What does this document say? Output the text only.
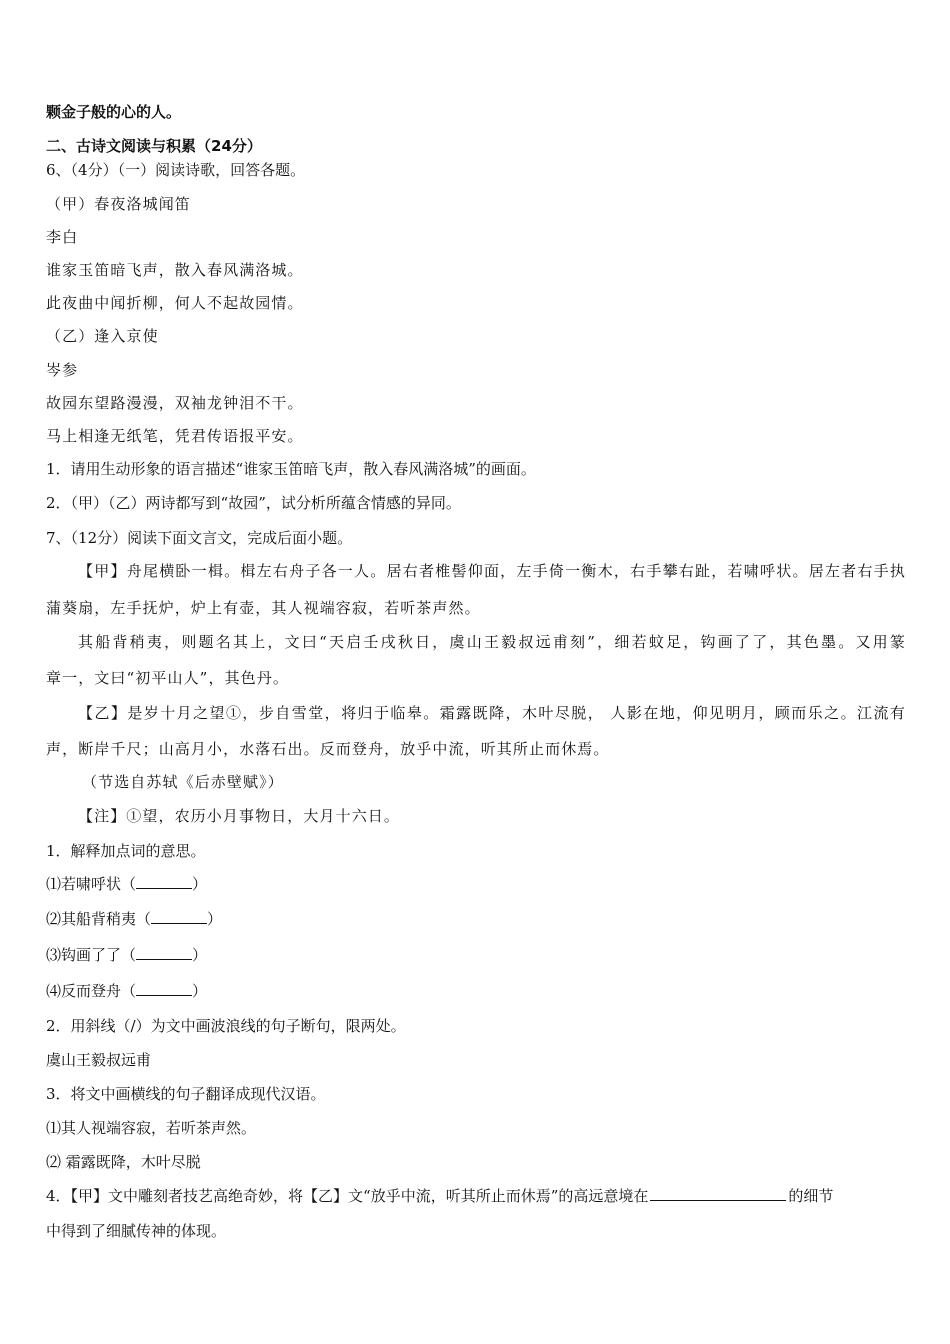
颗金子般的心的人。
二、古诗文阅读与积累（24分）
6、（4分）（一）阅读诗歌，回答各题。
（甲）春夜洛城闻笛
李白
谁家玉笛暗飞声，散入春风满洛城。
此夜曲中闻折柳，何人不起故园情。
（乙）逢入京使
岑参
故园东望路漫漫，双袖龙钟泪不干。
马上相逢无纸笔，凭君传语报平安。
1．请用生动形象的语言描述“谁家玉笛暗飞声，散入春风满洛城”的画面。
2．（甲）（乙）两诗都写到“故园”，试分析所蕴含情感的异同。
7、（12分）阅读下面文言文，完成后面小题。
【甲】舟尾横卧一楫。楫左右舟子各一人。居右者椎髻仰面，左手倚一衡木，右手攀右趾，若啸呼状。居左者右手执
蒲葵扇，左手抚炉，炉上有壶，其人视端容寂，若听茶声然。
其船背稍夷，则题名其上，文曰“天启壬戌秋日，虞山王毅叔远甫刻”，细若蚊足，钩画了了，其色墨。又用篆
章一，文曰“初平山人”，其色丹。
【乙】是岁十月之望①，步自雪堂，将归于临皋。霜露既降，木叶尽脱， 人影在地，仰见明月，顾而乐之。江流有
声，断岸千尺；山高月小，水落石出。反而登舟，放乎中流，听其所止而休焉。
（节选自苏轼《后赤壁赋》）
【注】①望，农历小月事物日，大月十六日。
1．解释加点词的意思。
⑴若啸呼状（	）
⑵其船背稍夷（	）
⑶钩画了了（	）
⑷反而登舟（	）
2．用斜线（/）为文中画波浪线的句子断句，限两处。
虞山王毅叔远甫
3．将文中画横线的句子翻译成现代汉语。
⑴其人视端容寂，若听茶声然。
⑵ 霜露既降，木叶尽脱
4．【甲】文中雕刻者技艺高绝奇妙，将【乙】文“放乎中流，听其所止而休焉”的高远意境在	的细节
中得到了细腻传神的体现。
